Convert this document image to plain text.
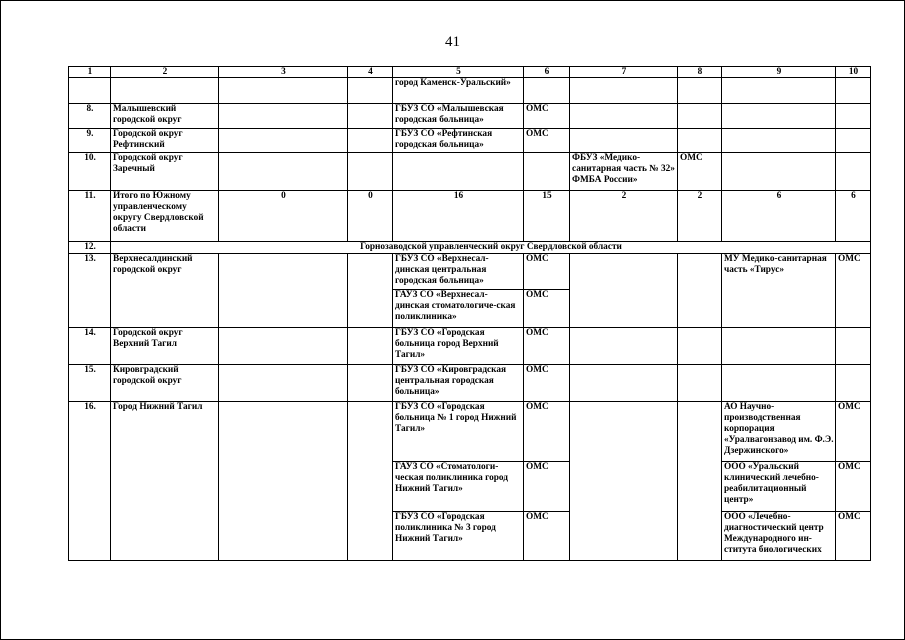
41
1	2	3	4	5	6	7	8	9	10
				город Каменск-Уральский»					
8.	Малышевский городской округ			ГБУЗ СО «Малышевская городская больница»	ОМС				
9.	Городской округ Рефтинский			ГБУЗ СО «Рефтинская городская больница»	ОМС				
10.	Городской округ Заречный					ФБУЗ «Медико-санитарная часть № 32» ФМБА России»	ОМС		
11.	Итого по Южному управленческому округу Свердловской области	0	0	16	15	2	2	6	6
12.	Горнозаводской управленческий округ Свердловской области								
13.	Верхнесалдинский городской округ			ГБУЗ СО «Верхнесал-динская центральная городская больница»	ОМС			МУ Медико-санитарная часть «Тирус»	ОМС
				ГАУЗ СО «Верхнесал-динская стоматологиче-ская поликлиника»	ОМС				
14.	Городской округ Верхний Тагил			ГБУЗ СО «Городская больница город Верхний Тагил»	ОМС				
15.	Кировградский городской округ			ГБУЗ СО «Кировградская центральная городская больница»	ОМС				
16.	Город Нижний Тагил			ГБУЗ СО «Городская больница № 1 город Нижний Тагил»	ОМС			АО Научно-производственная корпорация «Уралвагонзавод им. Ф.Э. Дзержинского»	ОМС
				ГАУЗ СО «Стоматологи-ческая поликлиника город Нижний Тагил»	ОМС			ООО «Уральский клинический лечебно-реабилитационный центр»	ОМС
				ГБУЗ СО «Городская поликлиника № 3 город Нижний Тагил»	ОМС			ООО «Лечебно-диагностический центр Международного ин-ститута биологических	ОМС
